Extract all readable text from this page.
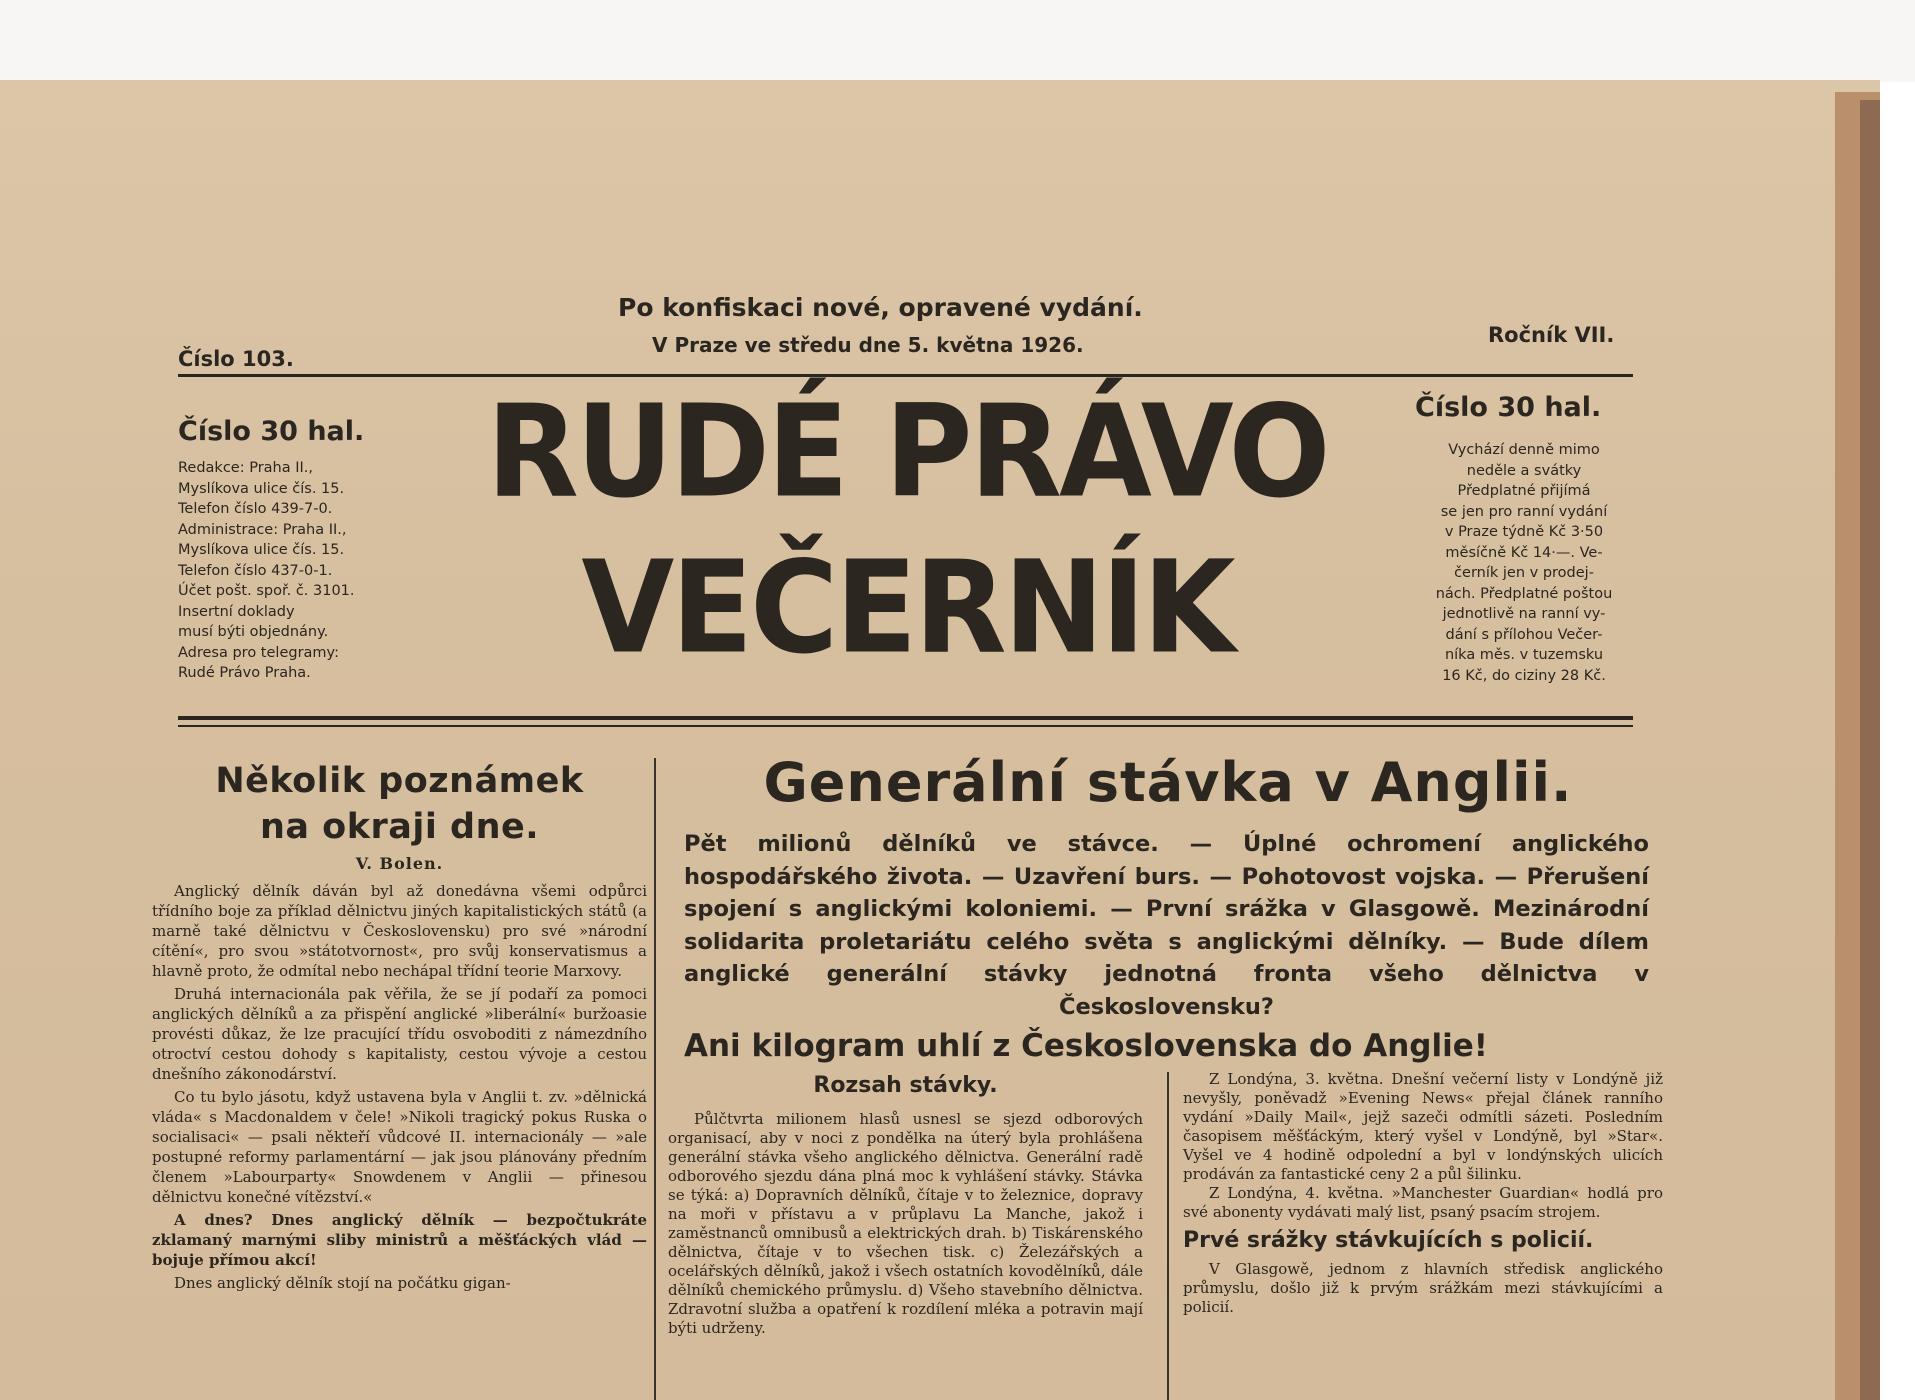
Po konfiskaci nové, opravené vydání.
V Praze ve středu dne 5. května 1926.
Číslo 103.
Ročník VII.
Číslo 30 hal.
Redakce: Praha II.,
Myslíkova ulice čís. 15.
Telefon číslo 439-7-0.
Administrace: Praha II.,
Myslíkova ulice čís. 15.
Telefon číslo 437-0-1.
Účet pošt. spoř. č. 3101.
Insertní doklady
musí býti objednány.
Adresa pro telegramy:
Rudé Právo Praha.
RUDÉ PRÁVO
VEČERNÍK
Číslo 30 hal.
Vychází denně mimo
neděle a svátky
Předplatné přijímá
se jen pro ranní vydání
v Praze týdně Kč 3·50
měsíčně Kč 14·—. Ve-
černík jen v prodej-
nách. Předplatné poštou
jednotlivě na ranní vy-
dání s přílohou Večer-
níka měs. v tuzemsku
16 Kč, do ciziny 28 Kč.
Několik poznámek
na okraji dne.
V. Bolen.

Anglický dělník dáván byl až donedávna všemi odpůrci třídního boje za příklad dělnictvu jiných kapitalistických států (a marně také dělnictvu v Československu) pro své »národní cítění«, pro svou »státotvornost«, pro svůj konservatismus a hlavně proto, že odmítal nebo nechápal třídní teorie Marxovy.

Druhá internacionála pak věřila, že se jí podaří za pomoci anglických dělníků a za přispění anglické »liberální« buržoasie provésti důkaz, že lze pracující třídu osvoboditi z námezdního otroctví cestou dohody s kapitalisty, cestou vývoje a cestou dnešního zákonodárství.

Co tu bylo jásotu, když ustavena byla v Anglii t. zv. »dělnická vláda« s Macdonaldem v čele! »Nikoli tragický pokus Ruska o socialisaci« — psali někteří vůdcové II. internacionály — »ale postupné reformy parlamentární — jak jsou plánovány předním členem »Labourparty« Snowdenem v Anglii — přinesou dělnictvu konečné vítězství.«

A dnes? Dnes anglický dělník — bezpočtukráte zklamaný marnými sliby ministrů a měšťáckých vlád — bojuje přímou akcí!

Dnes anglický dělník stojí na počátku gigan-

Generální stávka v Anglii.
Pět milionů dělníků ve stávce. — Úplné ochromení anglického hospodářského života. — Uzavření burs. — Pohotovost vojska. — Přerušení spojení s anglickými koloniemi. — První srážka v Glasgowě. Mezinárodní solidarita proletariátu celého světa s anglickými dělníky. — Bude dílem anglické generální stávky jednotná fronta všeho dělnictva v Československu?
Ani kilogram uhlí z Československa do Anglie!
Rozsah stávky.

Půlčtvrta milionem hlasů usnesl se sjezd odborových organisací, aby v noci z pondělka na úterý byla prohlášena generální stávka všeho anglického dělnictva. Generální radě odborového sjezdu dána plná moc k vyhlášení stávky. Stávka se týká: a) Dopravních dělníků, čítaje v to železnice, dopravy na moři v přístavu a v průplavu La Manche, jakož i zaměstnanců omnibusů a elektrických drah. b) Tiskárenského dělnictva, čítaje v to všechen tisk. c) Železářských a ocelářských dělníků, jakož i všech ostatních kovodělníků, dále dělníků chemického průmyslu. d) Všeho stavebního dělnictva. Zdravotní služba a opatření k rozdílení mléka a potravin mají býti udrženy.

Z Londýna, 3. května. Dnešní večerní listy v Londýně již nevyšly, poněvadž »Evening News« přejal článek ranního vydání »Daily Mail«, jejž sazeči odmítli sázeti. Posledním časopisem měšťáckým, který vyšel v Londýně, byl »Star«. Vyšel ve 4 hodině odpolední a byl v londýnských ulicích prodáván za fantastické ceny 2 a půl šilinku.

Z Londýna, 4. května. »Manchester Guardian« hodlá pro své abonenty vydávati malý list, psaný psacím strojem.

Prvé srážky stávkujících s policií.

V Glasgowě, jednom z hlavních středisk anglického průmyslu, došlo již k prvým srážkám mezi stávkujícími a policií.
